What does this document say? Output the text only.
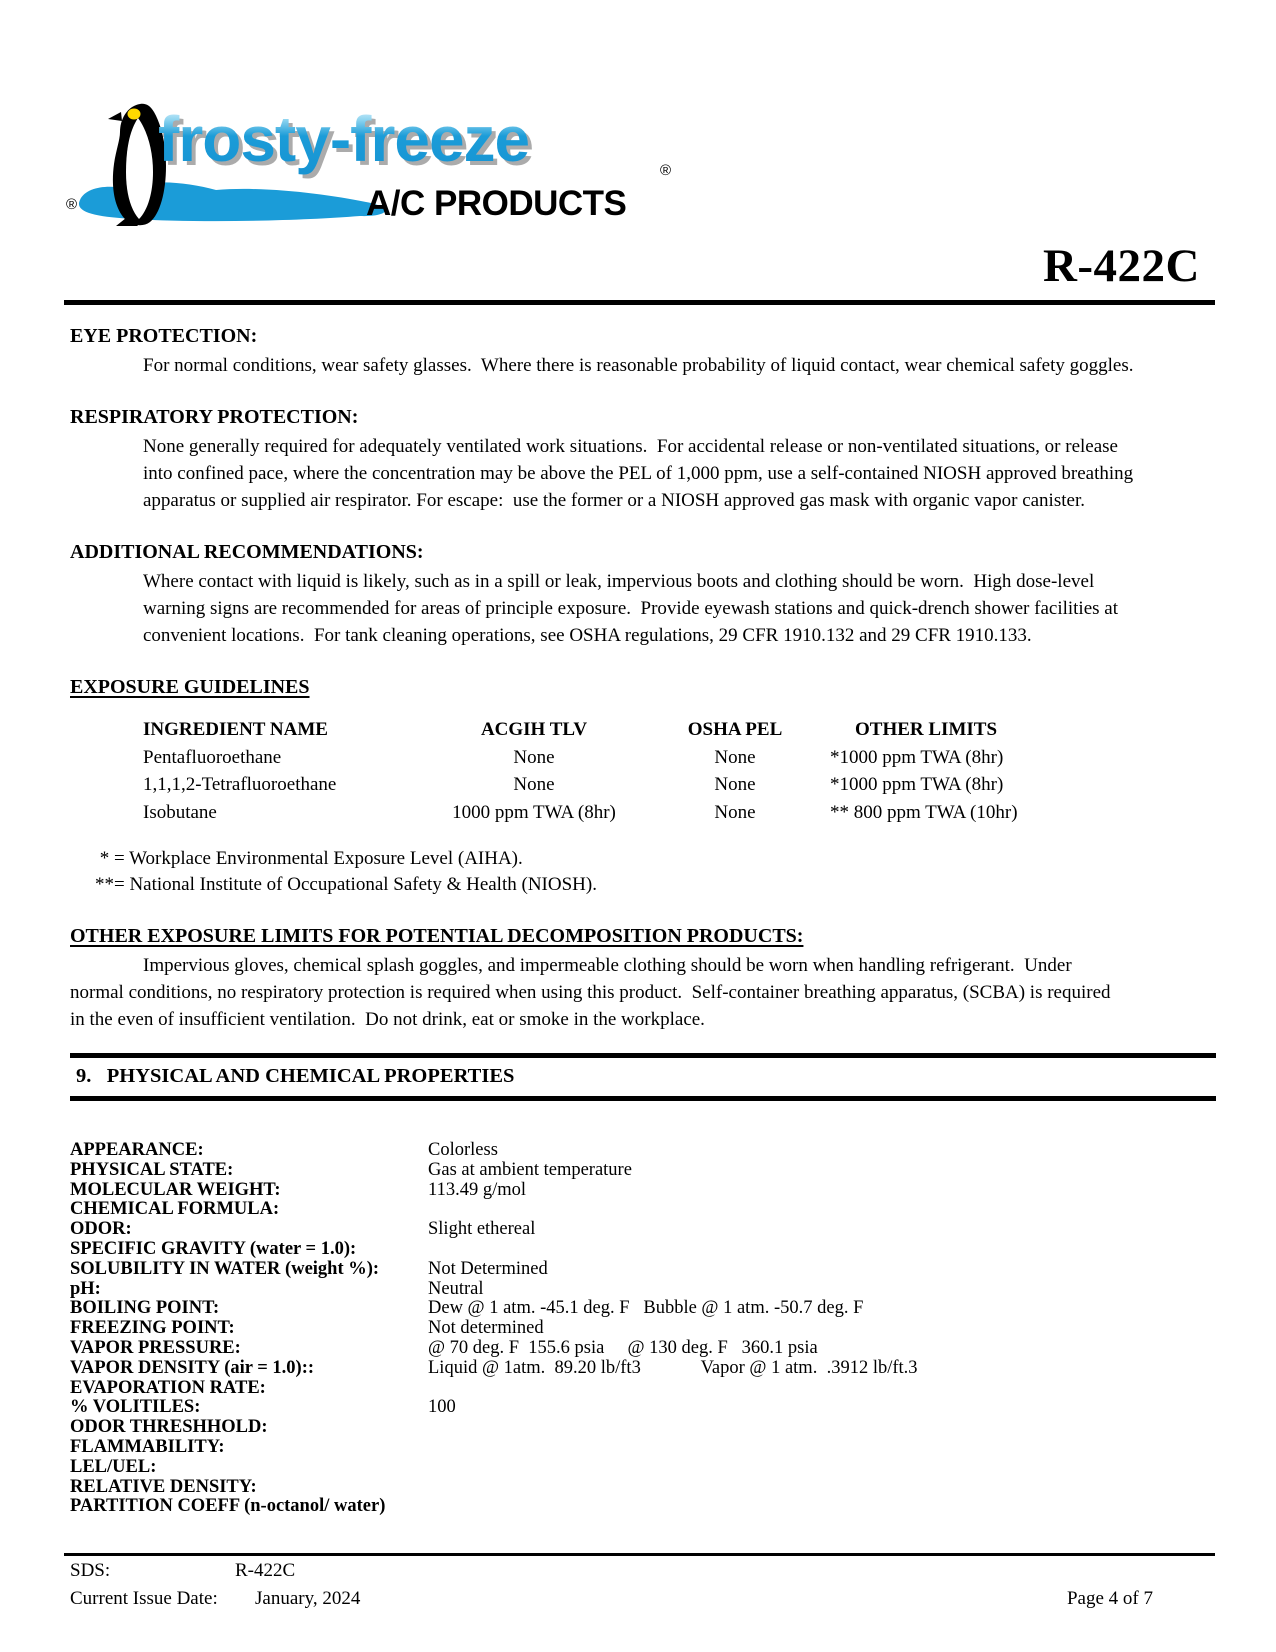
®
frosty-freeze	®
A/C PRODUCTS
R-422C
EYE PROTECTION:
For normal conditions, wear safety glasses.  Where there is reasonable probability of liquid contact, wear chemical safety goggles.
RESPIRATORY PROTECTION:
None generally required for adequately ventilated work situations.  For accidental release or non-ventilated situations, or release into confined pace, where the concentration may be above the PEL of 1,000 ppm, use a self-contained NIOSH approved breathing apparatus or supplied air respirator. For escape:  use the former or a NIOSH approved gas mask with organic vapor canister.
ADDITIONAL RECOMMENDATIONS:
Where contact with liquid is likely, such as in a spill or leak, impervious boots and clothing should be worn.  High dose-level warning signs are recommended for areas of principle exposure.  Provide eyewash stations and quick-drench shower facilities at convenient locations.  For tank cleaning operations, see OSHA regulations, 29 CFR 1910.132 and 29 CFR 1910.133.
EXPOSURE GUIDELINES
INGREDIENT NAME	ACGIH TLV	OSHA PEL	OTHER LIMITS
Pentafluoroethane	None	None	*1000 ppm TWA (8hr)
1,1,1,2-Tetrafluoroethane	None	None	*1000 ppm TWA (8hr)
Isobutane	1000 ppm TWA (8hr)	None	** 800 ppm TWA (10hr)
* = Workplace Environmental Exposure Level (AIHA).
**= National Institute of Occupational Safety & Health (NIOSH).
OTHER EXPOSURE LIMITS FOR POTENTIAL DECOMPOSITION PRODUCTS:
Impervious gloves, chemical splash goggles, and impermeable clothing should be worn when handling refrigerant.  Under normal conditions, no respiratory protection is required when using this product.  Self-container breathing apparatus, (SCBA) is required in the even of insufficient ventilation.  Do not drink, eat or smoke in the workplace.
9.   PHYSICAL AND CHEMICAL PROPERTIES
APPEARANCE:	Colorless
PHYSICAL STATE:	Gas at ambient temperature
MOLECULAR WEIGHT:	113.49 g/mol
CHEMICAL FORMULA:
ODOR:	Slight ethereal
SPECIFIC GRAVITY (water = 1.0):
SOLUBILITY IN WATER (weight %):	Not Determined
pH:	Neutral
BOILING POINT:	Dew @ 1 atm. -45.1 deg. F   Bubble @ 1 atm. -50.7 deg. F
FREEZING POINT:	Not determined
VAPOR PRESSURE:	@ 70 deg. F  155.6 psia     @ 130 deg. F   360.1 psia
VAPOR DENSITY (air = 1.0)::	Liquid @ 1atm.  89.20 lb/ft3             Vapor @ 1 atm.  .3912 lb/ft.3
EVAPORATION RATE:
% VOLITILES:	100
ODOR THRESHHOLD:
FLAMMABILITY:
LEL/UEL:
RELATIVE DENSITY:
PARTITION COEFF (n-octanol/ water)
SDS:	R-422C
Current Issue Date: January, 2024	Page 4 of 7
